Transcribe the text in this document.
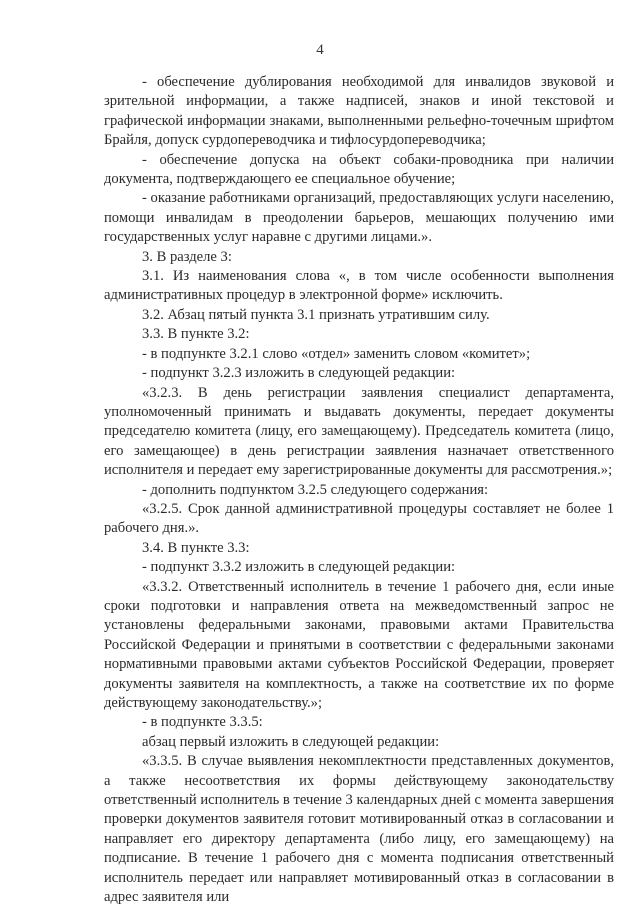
4

- обеспечение дублирования необходимой для инвалидов звуковой и зрительной информации, а также надписей, знаков и иной текстовой и графической информации знаками, выполненными рельефно-точечным шрифтом Брайля, допуск сурдопереводчика и тифлосурдопереводчика;

- обеспечение допуска на объект собаки-проводника при наличии документа, подтверждающего ее специальное обучение;

- оказание работниками организаций, предоставляющих услуги населению, помощи инвалидам в преодолении барьеров, мешающих получению ими государственных услуг наравне с другими лицами.».

3. В разделе 3:

3.1. Из наименования слова «, в том числе особенности выполнения административных процедур в электронной форме» исключить.

3.2. Абзац пятый пункта 3.1 признать утратившим силу.

3.3. В пункте 3.2:

- в подпункте 3.2.1 слово «отдел» заменить словом «комитет»;

- подпункт 3.2.3 изложить в следующей редакции:

«3.2.3. В день регистрации заявления специалист департамента, уполномоченный принимать и выдавать документы, передает документы председателю комитета (лицу, его замещающему). Председатель комитета (лицо, его замещающее) в день регистрации заявления назначает ответственного исполнителя и передает ему зарегистрированные документы для рассмотрения.»;

- дополнить подпунктом 3.2.5 следующего содержания:

«3.2.5. Срок данной административной процедуры составляет не более 1 рабочего дня.».

3.4. В пункте 3.3:

- подпункт 3.3.2 изложить в следующей редакции:

«3.3.2. Ответственный исполнитель в течение 1 рабочего дня, если иные сроки подготовки и направления ответа на межведомственный запрос не установлены федеральными законами, правовыми актами Правительства Российской Федерации и принятыми в соответствии с федеральными законами нормативными правовыми актами субъектов Российской Федерации, проверяет документы заявителя на комплектность, а также на соответствие их по форме действующему законодательству.»;

- в подпункте 3.3.5:

абзац первый изложить в следующей редакции:

«3.3.5. В случае выявления некомплектности представленных документов, а также несоответствия их формы действующему законодательству ответственный исполнитель в течение 3 календарных дней с момента завершения проверки документов заявителя готовит мотивированный отказ в согласовании и направляет его директору департамента (либо лицу, его замещающему) на подписание. В течение 1 рабочего дня с момента подписания ответственный исполнитель передает или направляет мотивированный отказ в согласовании в адрес заявителя или
